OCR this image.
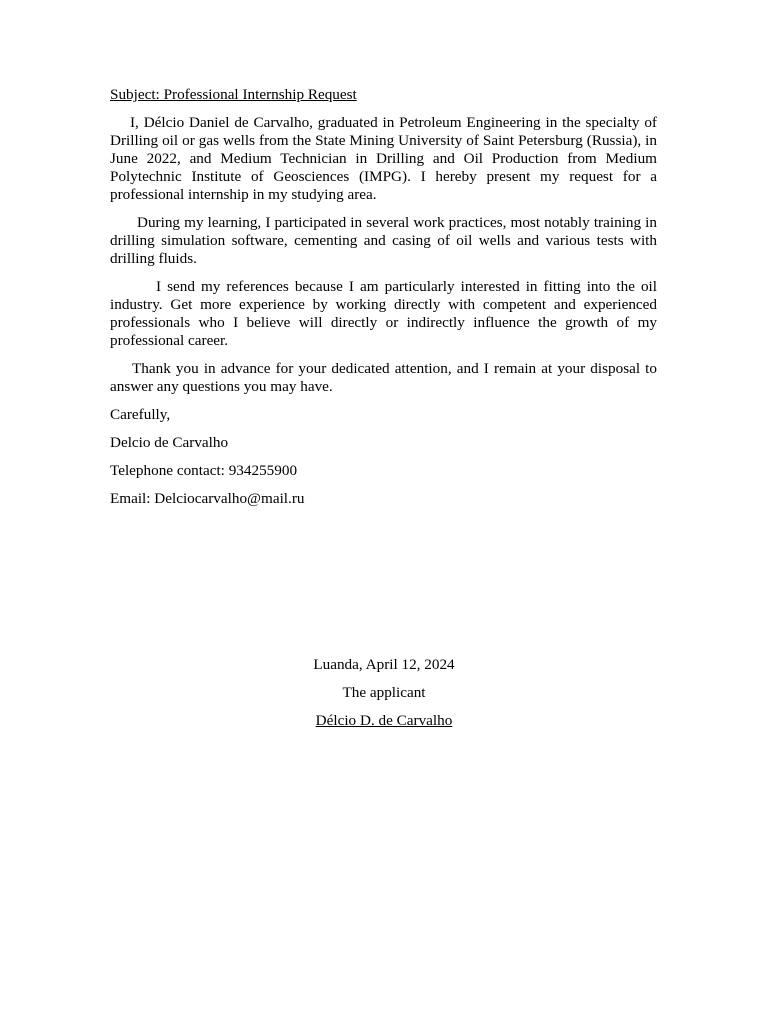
Subject: Professional Internship Request
I, Délcio Daniel de Carvalho, graduated in Petroleum Engineering in the specialty of Drilling oil or gas wells from the State Mining University of Saint Petersburg (Russia), in June 2022, and Medium Technician in Drilling and Oil Production from Medium Polytechnic Institute of Geosciences (IMPG). I hereby present my request for a professional internship in my studying area.
During my learning, I participated in several work practices, most notably training in drilling simulation software, cementing and casing of oil wells and various tests with drilling fluids.
I send my references because I am particularly interested in fitting into the oil industry. Get more experience by working directly with competent and experienced professionals who I believe will directly or indirectly influence the growth of my professional career.
Thank you in advance for your dedicated attention, and I remain at your disposal to answer any questions you may have.
Carefully,
Delcio de Carvalho
Telephone contact: 934255900
Email: Delciocarvalho@mail.ru
Luanda, April 12, 2024
The applicant
Délcio D. de Carvalho
